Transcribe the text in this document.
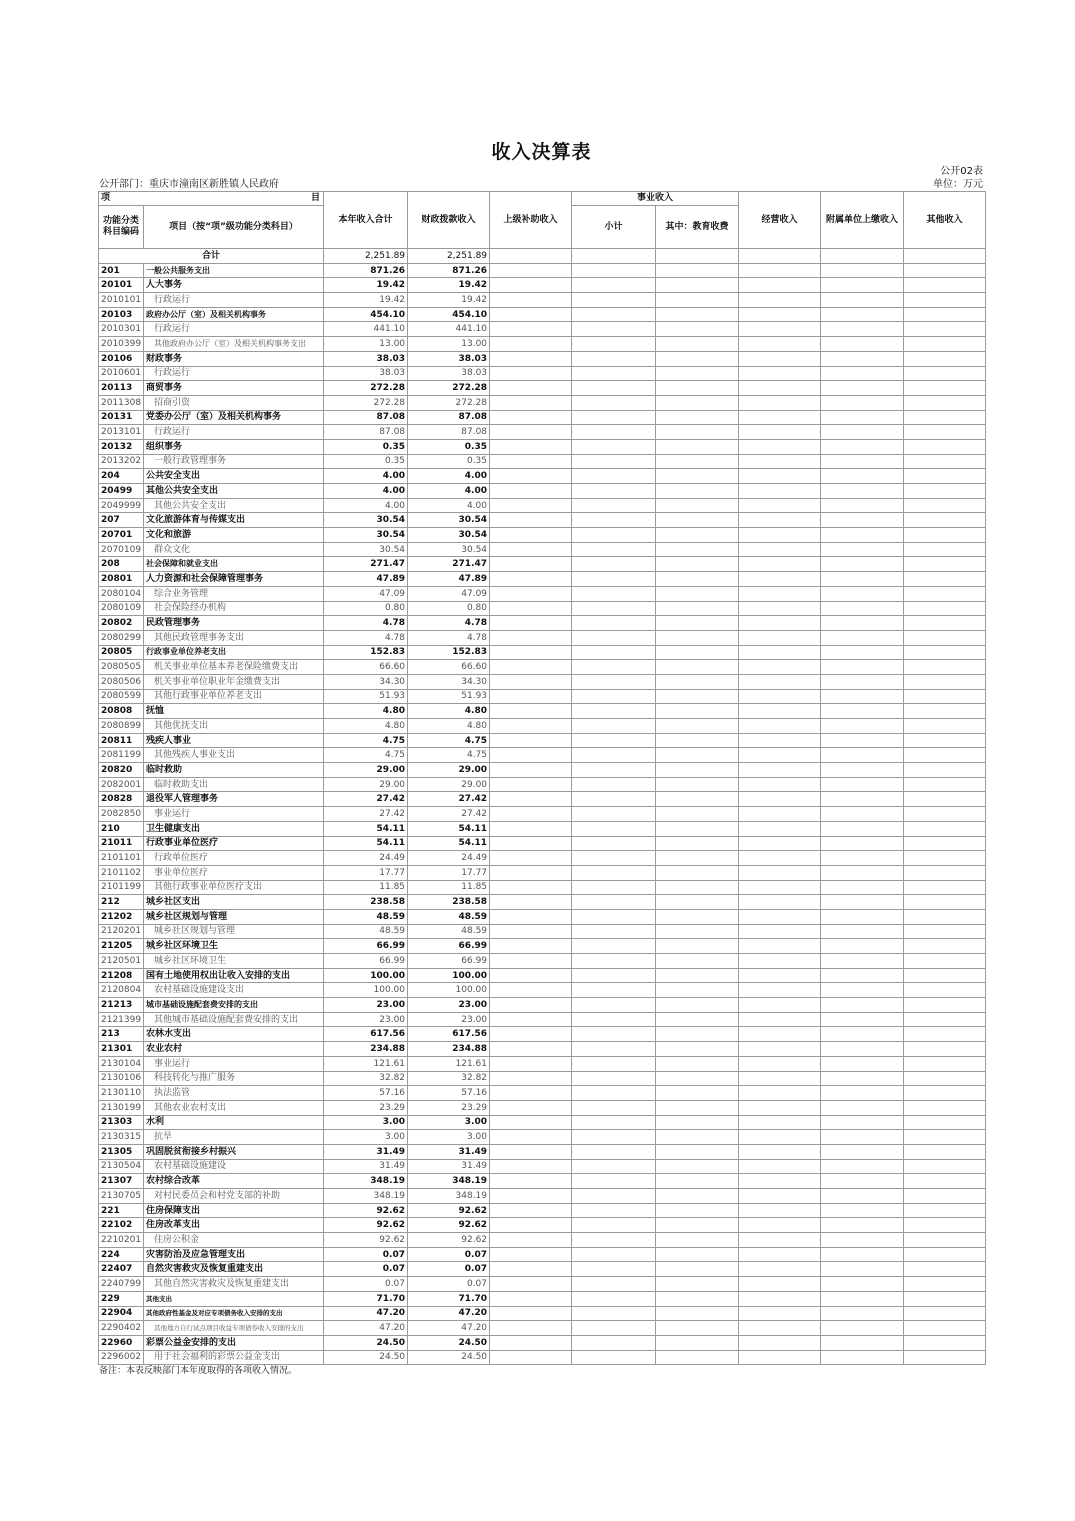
收入决算表
公开02表
公开部门：重庆市潼南区新胜镇人民政府	单位：万元
项 目		本年收入合计	财政拨款收入	上级补助收入	事业收入		经营收入	附属单位上缴收入	其他收入
功能分类科目编码	项目（按“项”级功能分类科目）				小计	其中：教育收费			
合计		2,251.89	2,251.89						
201	一般公共服务支出	871.26	871.26						
20101	人大事务	19.42	19.42						
2010101	行政运行	19.42	19.42						
20103	政府办公厅（室）及相关机构事务	454.10	454.10						
2010301	行政运行	441.10	441.10						
2010399	其他政府办公厅（室）及相关机构事务支出	13.00	13.00						
20106	财政事务	38.03	38.03						
2010601	行政运行	38.03	38.03						
20113	商贸事务	272.28	272.28						
2011308	招商引资	272.28	272.28						
20131	党委办公厅（室）及相关机构事务	87.08	87.08						
2013101	行政运行	87.08	87.08						
20132	组织事务	0.35	0.35						
2013202	一般行政管理事务	0.35	0.35						
204	公共安全支出	4.00	4.00						
20499	其他公共安全支出	4.00	4.00						
2049999	其他公共安全支出	4.00	4.00						
207	文化旅游体育与传媒支出	30.54	30.54						
20701	文化和旅游	30.54	30.54						
2070109	群众文化	30.54	30.54						
208	社会保障和就业支出	271.47	271.47						
20801	人力资源和社会保障管理事务	47.89	47.89						
2080104	综合业务管理	47.09	47.09						
2080109	社会保险经办机构	0.80	0.80						
20802	民政管理事务	4.78	4.78						
2080299	其他民政管理事务支出	4.78	4.78						
20805	行政事业单位养老支出	152.83	152.83						
2080505	机关事业单位基本养老保险缴费支出	66.60	66.60						
2080506	机关事业单位职业年金缴费支出	34.30	34.30						
2080599	其他行政事业单位养老支出	51.93	51.93						
20808	抚恤	4.80	4.80						
2080899	其他优抚支出	4.80	4.80						
20811	残疾人事业	4.75	4.75						
2081199	其他残疾人事业支出	4.75	4.75						
20820	临时救助	29.00	29.00						
2082001	临时救助支出	29.00	29.00						
20828	退役军人管理事务	27.42	27.42						
2082850	事业运行	27.42	27.42						
210	卫生健康支出	54.11	54.11						
21011	行政事业单位医疗	54.11	54.11						
2101101	行政单位医疗	24.49	24.49						
2101102	事业单位医疗	17.77	17.77						
2101199	其他行政事业单位医疗支出	11.85	11.85						
212	城乡社区支出	238.58	238.58						
21202	城乡社区规划与管理	48.59	48.59						
2120201	城乡社区规划与管理	48.59	48.59						
21205	城乡社区环境卫生	66.99	66.99						
2120501	城乡社区环境卫生	66.99	66.99						
21208	国有土地使用权出让收入安排的支出	100.00	100.00						
2120804	农村基础设施建设支出	100.00	100.00						
21213	城市基础设施配套费安排的支出	23.00	23.00						
2121399	其他城市基础设施配套费安排的支出	23.00	23.00						
213	农林水支出	617.56	617.56						
21301	农业农村	234.88	234.88						
2130104	事业运行	121.61	121.61						
2130106	科技转化与推广服务	32.82	32.82						
2130110	执法监管	57.16	57.16						
2130199	其他农业农村支出	23.29	23.29						
21303	水利	3.00	3.00						
2130315	抗旱	3.00	3.00						
21305	巩固脱贫衔接乡村振兴	31.49	31.49						
2130504	农村基础设施建设	31.49	31.49						
21307	农村综合改革	348.19	348.19						
2130705	对村民委员会和村党支部的补助	348.19	348.19						
221	住房保障支出	92.62	92.62						
22102	住房改革支出	92.62	92.62						
2210201	住房公积金	92.62	92.62						
224	灾害防治及应急管理支出	0.07	0.07						
22407	自然灾害救灾及恢复重建支出	0.07	0.07						
2240799	其他自然灾害救灾及恢复重建支出	0.07	0.07						
229	其他支出	71.70	71.70						
22904	其他政府性基金及对应专项债务收入安排的支出	47.20	47.20						
2290402	其他地方自行试点项目收益专项债券收入安排的支出	47.20	47.20						
22960	彩票公益金安排的支出	24.50	24.50						
2296002	用于社会福利的彩票公益金支出	24.50	24.50						
备注：本表反映部门本年度取得的各项收入情况。
